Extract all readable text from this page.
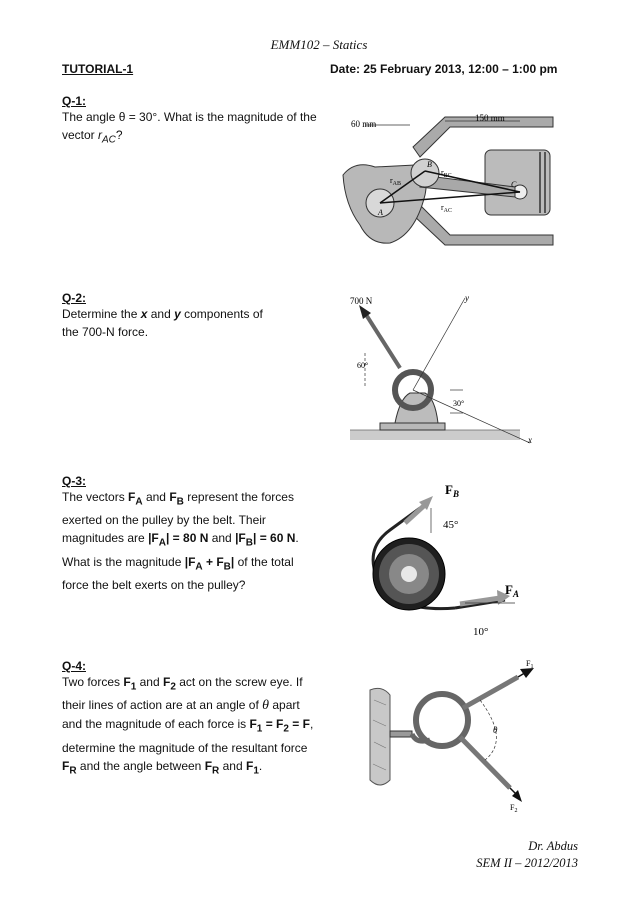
EMM102 – Statics
TUTORIAL-1	Date: 25 February 2013, 12:00 – 1:00 pm
Q-1:
The angle θ = 30°. What is the magnitude of the
vector $r_{AC}$?
60 mm
150 mm
$r_{AB}$
$r_{BC}$
$r_{AC}$
A
B
C
Q-2:
Determine the x and y components of
the 700-N force.
700 N	y
60°
30°
x
Q-3:
The vectors $F_A$ and $F_B$ represent the forces
exerted on the pulley by the belt. Their
magnitudes are $|F_A| = 80$ N and $|F_B| = 60$ N.
What is the magnitude $|F_A + F_B|$ of the total
force the belt exerts on the pulley?
$F_B$
45°
$F_A$
10°
Q-4:
Two forces $F_1$ and $F_2$ act on the screw eye. If
their lines of action are at an angle of θ apart
and the magnitude of each force is $F_1 = F_2 = F$,
determine the magnitude of the resultant force
$F_R$ and the angle between $F_R$ and $F_1$.
$F_1$
θ
$F_2$
Dr. Abdus
SEM II – 2012/2013
